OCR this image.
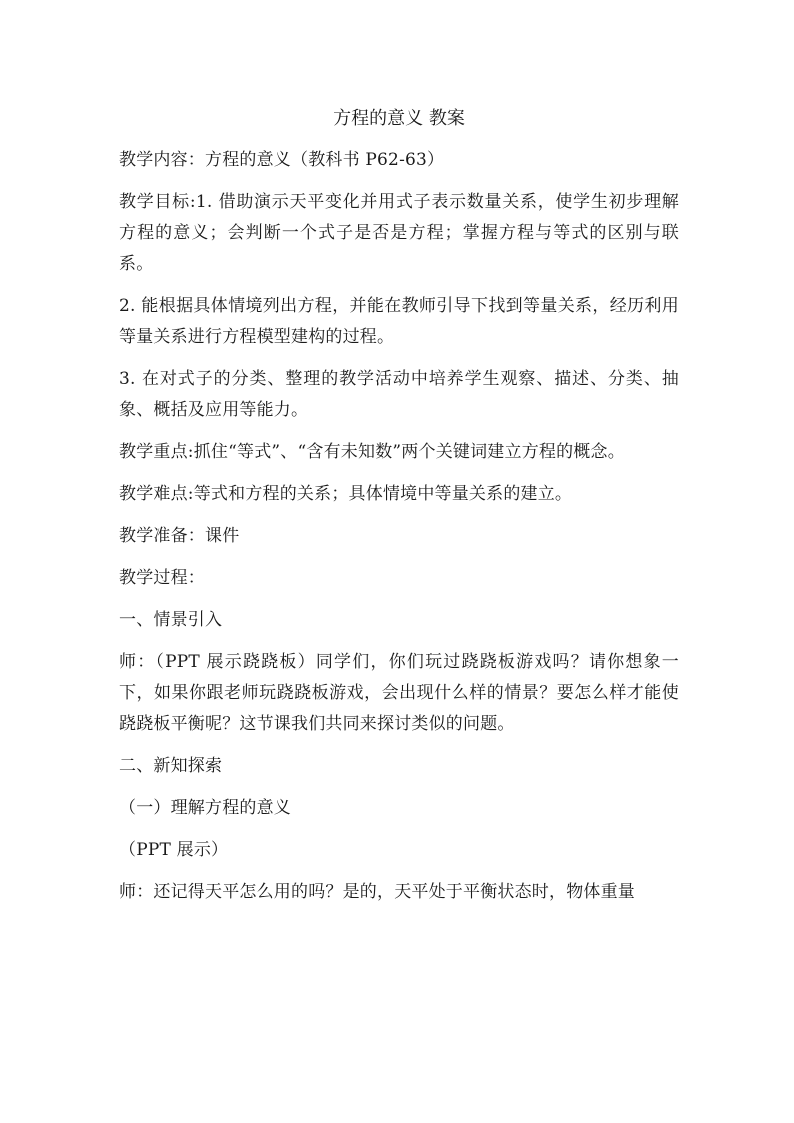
方程的意义 教案
教学内容：方程的意义（教科书 P62-63）
教学目标:1. 借助演示天平变化并用式子表示数量关系，使学生初步理解方程的意义；会判断一个式子是否是方程；掌握方程与等式的区别与联系。
2. 能根据具体情境列出方程，并能在教师引导下找到等量关系，经历利用等量关系进行方程模型建构的过程。
3. 在对式子的分类、整理的教学活动中培养学生观察、描述、分类、抽象、概括及应用等能力。
教学重点:抓住“等式”、“含有未知数”两个关键词建立方程的概念。
教学难点:等式和方程的关系；具体情境中等量关系的建立。
教学准备：课件
教学过程：
一、情景引入
师：（PPT 展示跷跷板）同学们，你们玩过跷跷板游戏吗？请你想象一下，如果你跟老师玩跷跷板游戏，会出现什么样的情景？要怎么样才能使跷跷板平衡呢？这节课我们共同来探讨类似的问题。
二、新知探索
（一）理解方程的意义
（PPT 展示）
师：还记得天平怎么用的吗？是的，天平处于平衡状态时，物体重量
